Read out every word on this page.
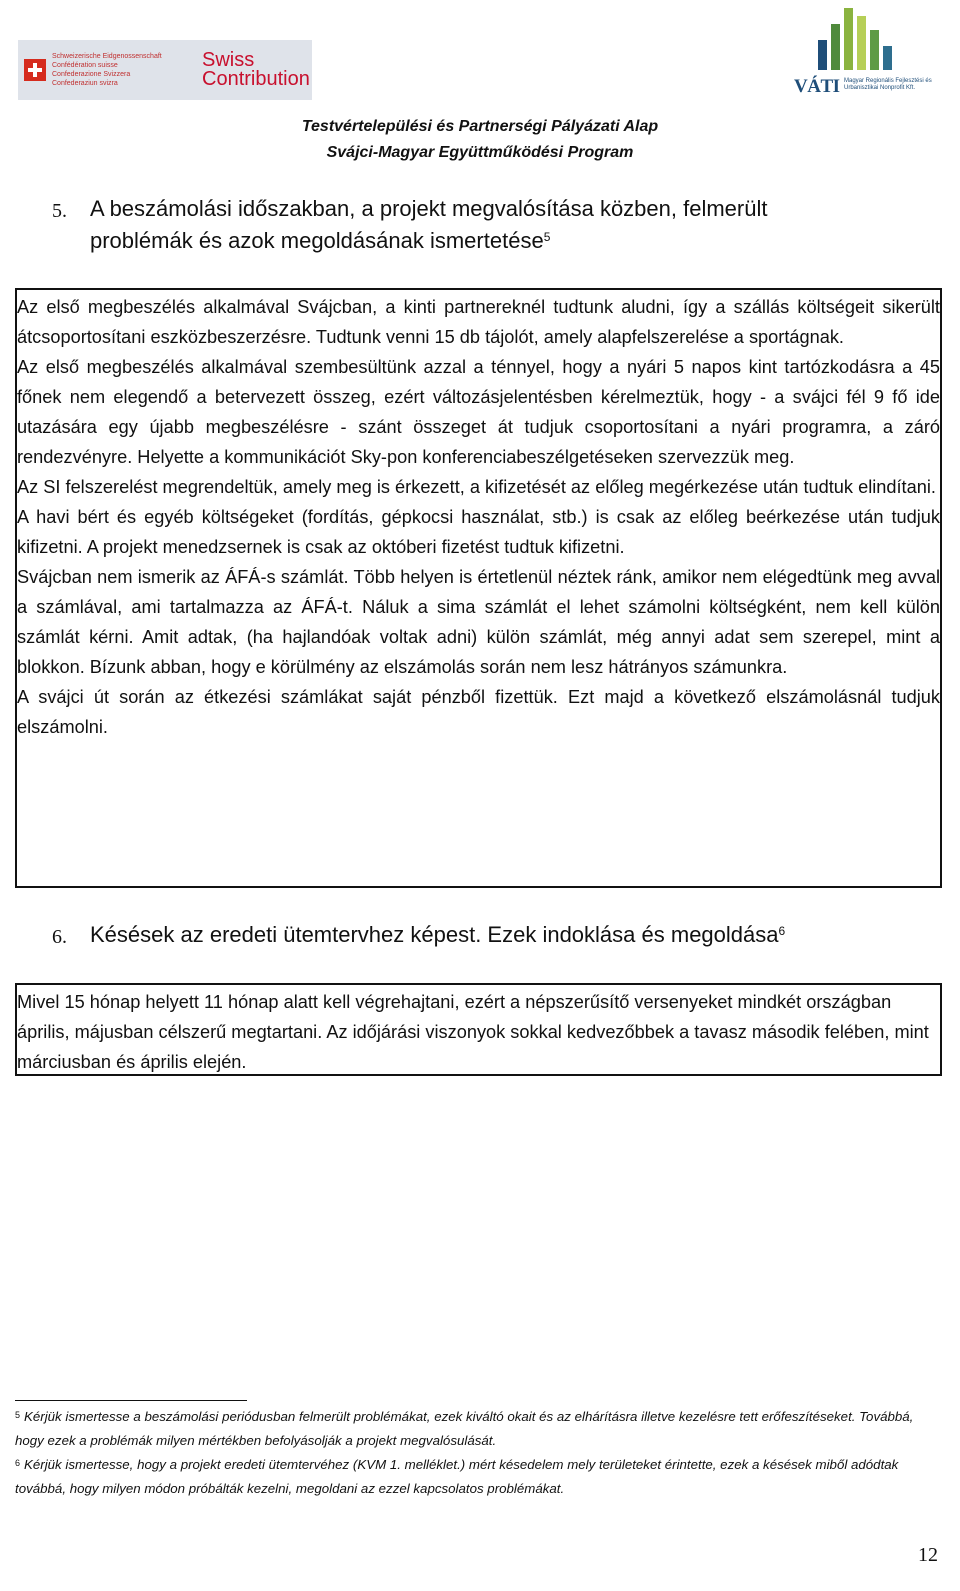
Schweizerische Eidgenossenschaft
Confédération suisse
Confederazione Svizzera
Confederaziun svizra
Swiss
Contribution	VÁTI Magyar Regionális Fejlesztési és Urbanisztikai Nonprofit Kft.
Testvértelepülési és Partnerségi Pályázati Alap
Svájci-Magyar Együttműködési Program
5. A beszámolási időszakban, a projekt megvalósítása közben, felmerült
problémák és azok megoldásának ismertetése$^5$

Az első megbeszélés alkalmával Svájcban, a kinti partnereknél tudtunk aludni, így a szállás költségeit sikerült átcsoportosítani eszközbeszerzésre. Tudtunk venni 15 db tájolót, amely alapfelszerelése a sportágnak.

Az első megbeszélés alkalmával szembesültünk azzal a ténnyel, hogy a nyári 5 napos kint tartózkodásra a 45 főnek nem elegendő a betervezett összeg, ezért változásjelentésben kérelmeztük, hogy - a svájci fél 9 fő ide utazására egy újabb megbeszélésre - szánt összeget át tudjuk csoportosítani a nyári programra, a záró rendezvényre. Helyette a kommunikációt Sky-pon konferenciabeszélgetéseken szervezzük meg.

Az SI felszerelést megrendeltük, amely meg is érkezett, a kifizetését az előleg megérkezése után tudtuk elindítani.

A havi bért és egyéb költségeket (fordítás, gépkocsi használat, stb.) is csak az előleg beérkezése után tudjuk kifizetni. A projekt menedzsernek is csak az októberi fizetést tudtuk kifizetni.

Svájcban nem ismerik az ÁFÁ-s számlát. Több helyen is értetlenül néztek ránk, amikor nem elégedtünk meg avval a számlával, ami tartalmazza az ÁFÁ-t. Náluk a sima számlát el lehet számolni költségként, nem kell külön számlát kérni. Amit adtak, (ha hajlandóak voltak adni) külön számlát, még annyi adat sem szerepel, mint a blokkon. Bízunk abban, hogy e körülmény az elszámolás során nem lesz hátrányos számunkra.

A svájci út során az étkezési számlákat saját pénzből fizettük. Ezt majd a következő elszámolásnál tudjuk elszámolni.

6. Késések az eredeti ütemtervhez képest. Ezek indoklása és megoldása$^6$

Mivel 15 hónap helyett 11 hónap alatt kell végrehajtani, ezért a népszerűsítő versenyeket mindkét országban április, májusban célszerű megtartani. Az időjárási viszonyok sokkal kedvezőbbek a tavasz második felében, mint márciusban és április elején.

$^5$ Kérjük ismertesse a beszámolási periódusban felmerült problémákat, ezek kiváltó okait és az elhárításra illetve kezelésre tett erőfeszítéseket. Továbbá, hogy ezek a problémák milyen mértékben befolyásolják a projekt megvalósulását.
$^6$ Kérjük ismertesse, hogy a projekt eredeti ütemtervéhez (KVM 1. melléklet.) mért késedelem mely területeket érintette, ezek a késések miből adódtak továbbá, hogy milyen módon próbálták kezelni, megoldani az ezzel kapcsolatos problémákat.
12
